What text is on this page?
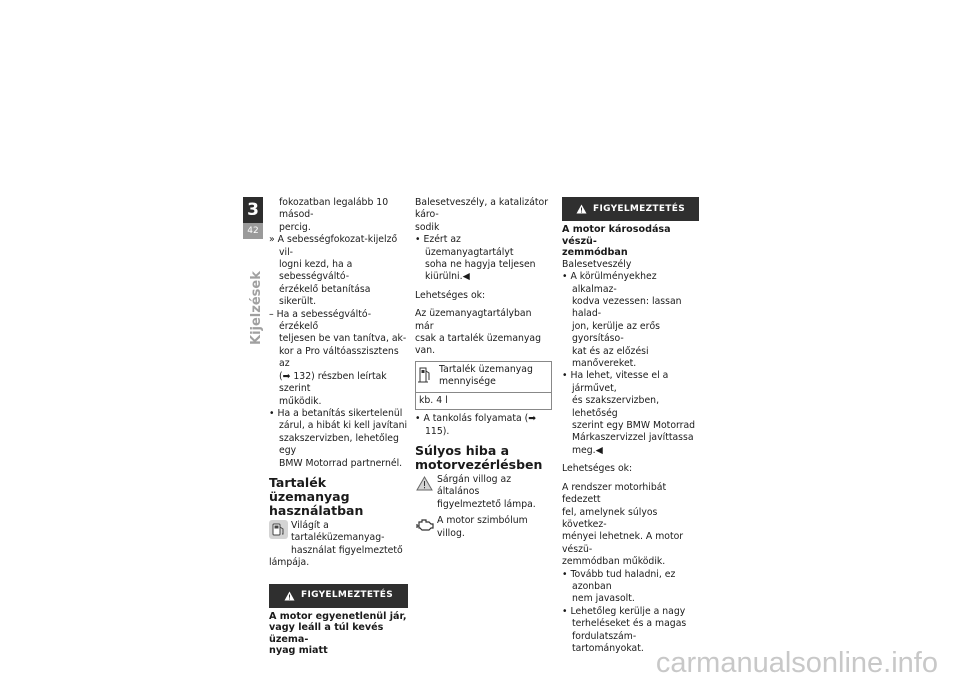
3
42
Kijelzések

fokozatban legalább 10 másod-

percig.

» A sebességfokozat-kijelző vil-

logni kezd, ha a sebességváltó-

érzékelő betanítása sikerült.

– Ha a sebességváltó-érzékelő

teljesen be van tanítva, ak-

kor a Pro váltóasszisztens az

(➡ 132) részben leírtak szerint

működik.

• Ha a betanítás sikertelenül

zárul, a hibát ki kell javítani

szakszervizben, lehetőleg egy

BMW Motorrad partnernél.

Tartalék üzemanyag
használatban

Világít a tartaléküzemanyag-

használat figyelmeztető

lámpája.

FIGYELMEZTETÉS
A motor egyenetlenül jár,
vagy leáll a túl kevés üzema-
nyag miatt

Balesetveszély, a katalizátor káro-

sodik

• Ezért az üzemanyagtartályt

soha ne hagyja teljesen

kiürülni.◀

Lehetséges ok:

Az üzemanyagtartályban már

csak a tartalék üzemanyag van.

Tartalék üzemanyag

mennyisége

kb. 4 l

• A tankolás folyamata (➡ 115).

Súlyos hiba a
motorvezérlésben

Sárgán villog az általános

figyelmeztető lámpa.

A motor szimbólum villog.

FIGYELMEZTETÉS
A motor károsodása vészü-
zemmódban

Balesetveszély

• A körülményekhez alkalmaz-

kodva vezessen: lassan halad-

jon, kerülje az erős gyorsításo-

kat és az előzési manővereket.

• Ha lehet, vitesse el a járművet,

és szakszervizben, lehetőség

szerint egy BMW Motorrad

Márkaszervizzel javíttassa

meg.◀

Lehetséges ok:

A rendszer motorhibát fedezett

fel, amelynek súlyos következ-

ményei lehetnek. A motor vészü-

zemmódban működik.

• Tovább tud haladni, ez azonban

nem javasolt.

• Lehetőleg kerülje a nagy

terheléseket és a magas

fordulatszám-tartományokat. carmanualsonline.info
